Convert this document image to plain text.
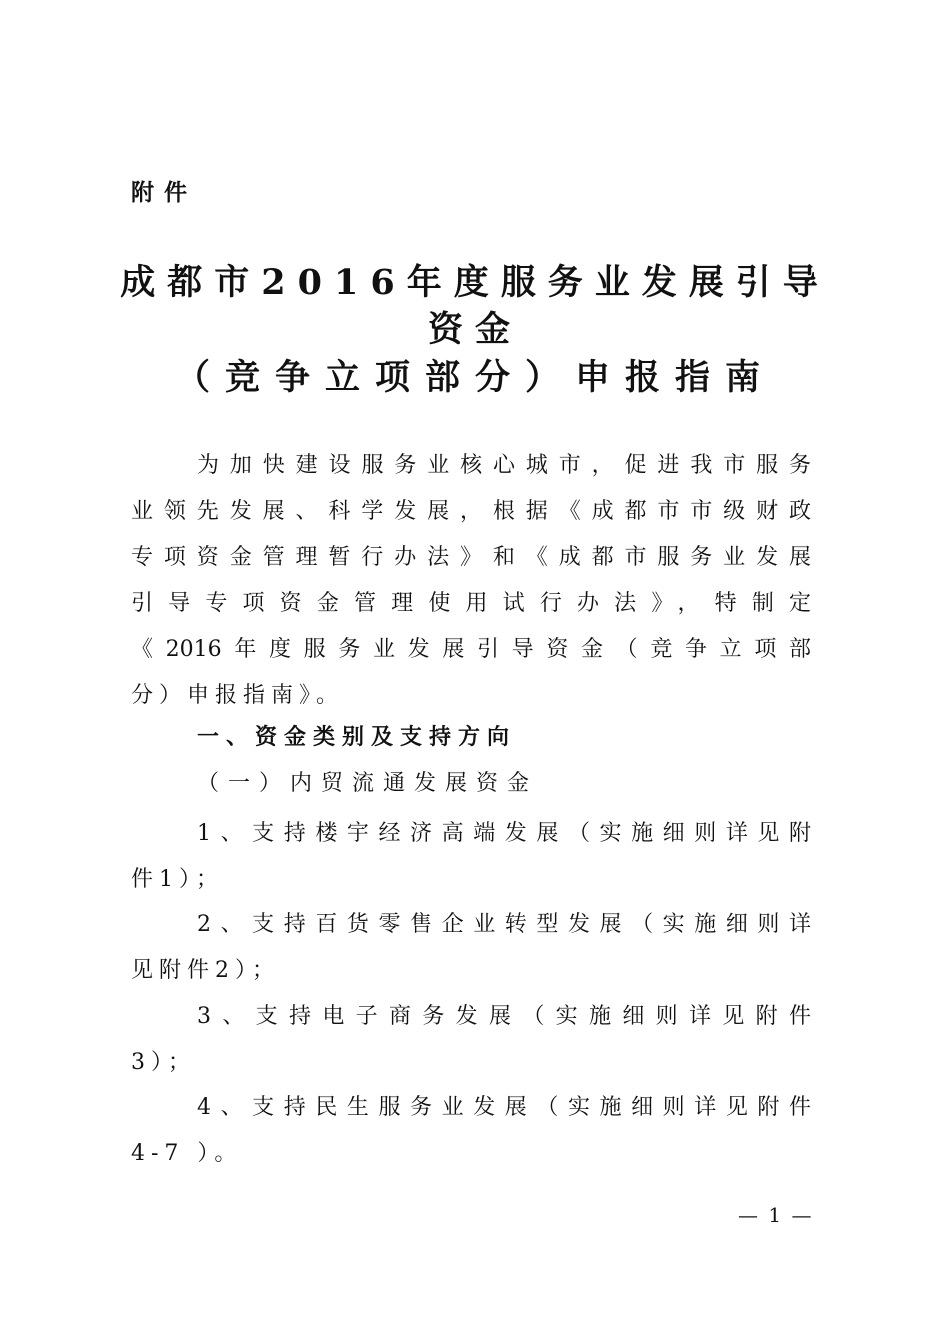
附件
成都市2016年度服务业发展引导
资金
（竞争立项部分）申报指南
为加快建设服务业核心城市，促进我市服务
业领先发展、科学发展，根据《成都市市级财政
专项资金管理暂行办法》和《成都市服务业发展
引导专项资金管理使用试行办法》，特制定
《2016年度服务业发展引导资金（竞争立项部
分）申报指南》。
一、资金类别及支持方向
（一）内贸流通发展资金
1、支持楼宇经济高端发展（实施细则详见附
件1）；
2、支持百货零售企业转型发展（实施细则详
见附件2）；
3、支持电子商务发展（实施细则详见附件
3）；
4、支持民生服务业发展（实施细则详见附件
4-7 ）。
— 1 —
